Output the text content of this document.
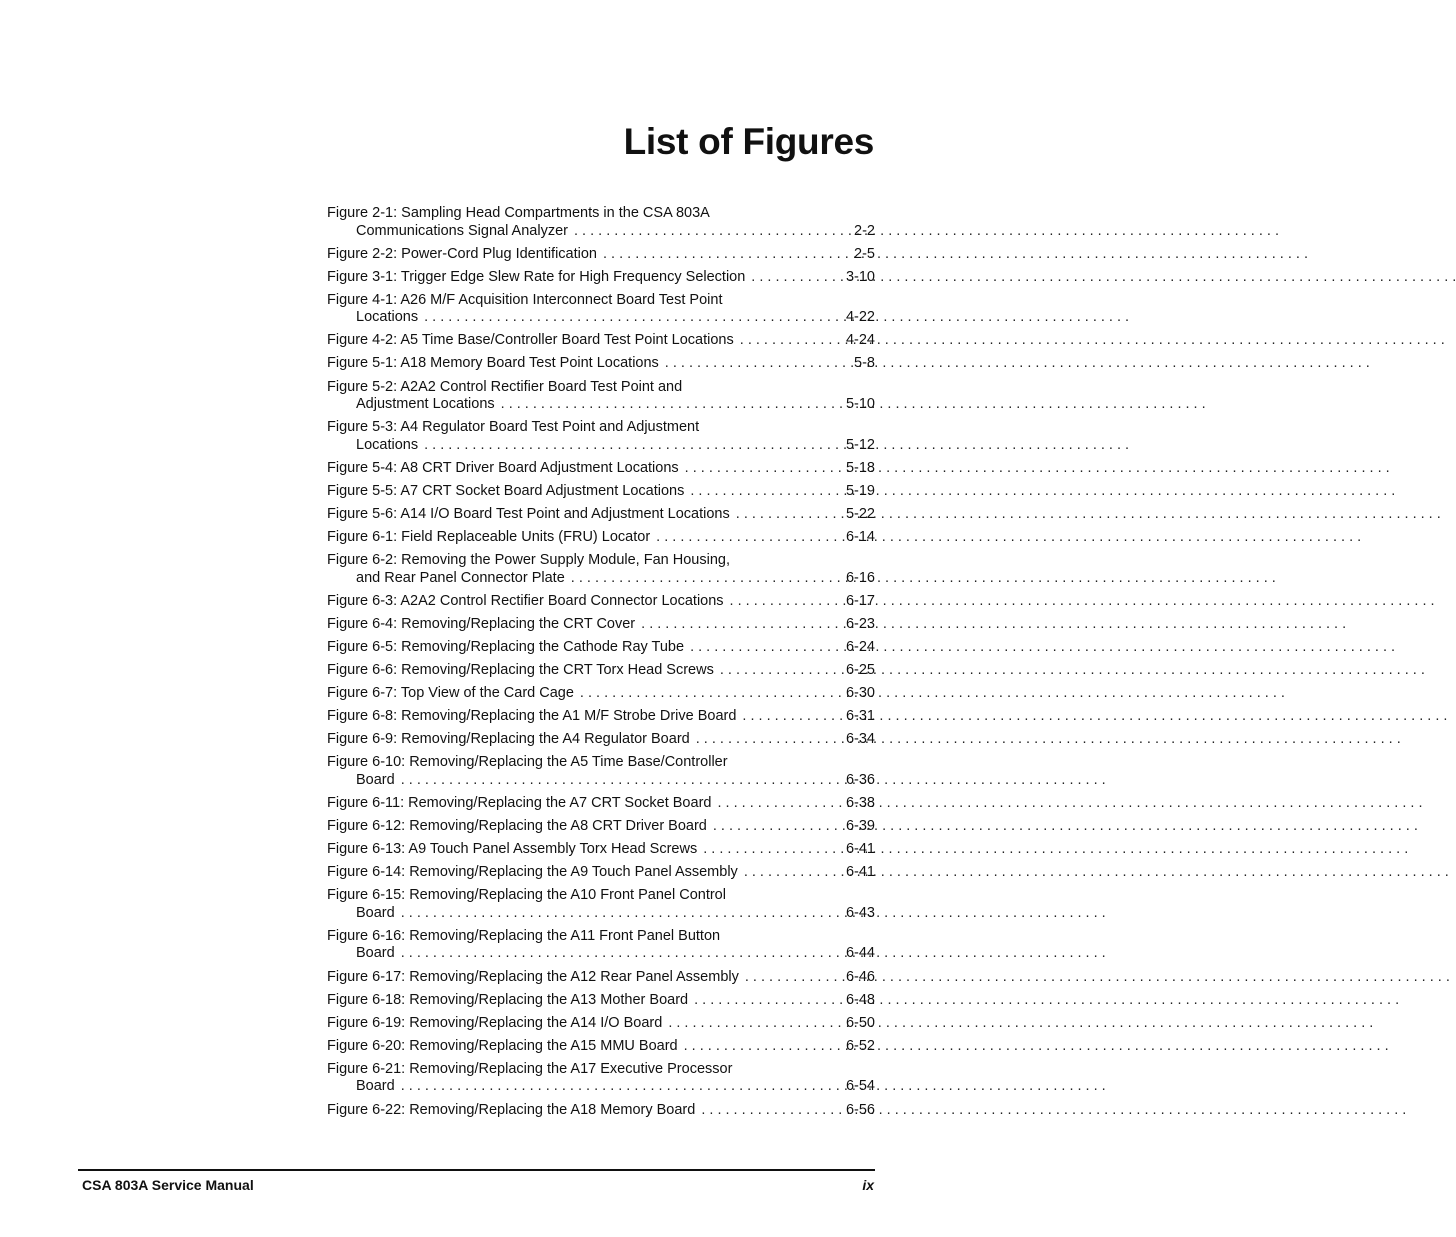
List of Figures
Figure 2-1: Sampling Head Compartments in the CSA 803A
Communications Signal Analyzer . . .	2-2
Figure 2-2: Power-Cord Plug Identification . . .	2-5
Figure 3-1: Trigger Edge Slew Rate for High Frequency Selection . . .	3-10
Figure 4-1: A26 M/F Acquisition Interconnect Board Test Point
Locations . . .	4-22
Figure 4-2: A5 Time Base/Controller Board Test Point Locations . . .	4-24
Figure 5-1: A18 Memory Board Test Point Locations . . .	5-8
Figure 5-2: A2A2 Control Rectifier Board Test Point and
Adjustment Locations . . .	5-10
Figure 5-3: A4 Regulator Board Test Point and Adjustment
Locations . . .	5-12
Figure 5-4: A8 CRT Driver Board Adjustment Locations . . .	5-18
Figure 5-5: A7 CRT Socket Board Adjustment Locations . . .	5-19
Figure 5-6: A14 I/O Board Test Point and Adjustment Locations . . .	5-22
Figure 6-1: Field Replaceable Units (FRU) Locator . . .	6-14
Figure 6-2: Removing the Power Supply Module, Fan Housing,
and Rear Panel Connector Plate . . .	6-16
Figure 6-3: A2A2 Control Rectifier Board Connector Locations . . .	6-17
Figure 6-4: Removing/Replacing the CRT Cover . . .	6-23
Figure 6-5: Removing/Replacing the Cathode Ray Tube . . .	6-24
Figure 6-6: Removing/Replacing the CRT Torx Head Screws . . .	6-25
Figure 6-7: Top View of the Card Cage . . .	6-30
Figure 6-8: Removing/Replacing the A1 M/F Strobe Drive Board . . .	6-31
Figure 6-9: Removing/Replacing the A4 Regulator Board . . .	6-34
Figure 6-10: Removing/Replacing the A5 Time Base/Controller
Board . . .	6-36
Figure 6-11: Removing/Replacing the A7 CRT Socket Board . . .	6-38
Figure 6-12: Removing/Replacing the A8 CRT Driver Board . . .	6-39
Figure 6-13: A9 Touch Panel Assembly Torx Head Screws . . .	6-41
Figure 6-14: Removing/Replacing the A9 Touch Panel Assembly . . .	6-41
Figure 6-15: Removing/Replacing the A10 Front Panel Control
Board . . .	6-43
Figure 6-16: Removing/Replacing the A11 Front Panel Button
Board . . .	6-44
Figure 6-17: Removing/Replacing the A12 Rear Panel Assembly . . .	6-46
Figure 6-18: Removing/Replacing the A13 Mother Board . . .	6-48
Figure 6-19: Removing/Replacing the A14 I/O Board . . .	6-50
Figure 6-20: Removing/Replacing the A15 MMU Board . . .	6-52
Figure 6-21: Removing/Replacing the A17 Executive Processor
Board . . .	6-54
Figure 6-22: Removing/Replacing the A18 Memory Board . . .	6-56
CSA 803A Service Manual	ix
